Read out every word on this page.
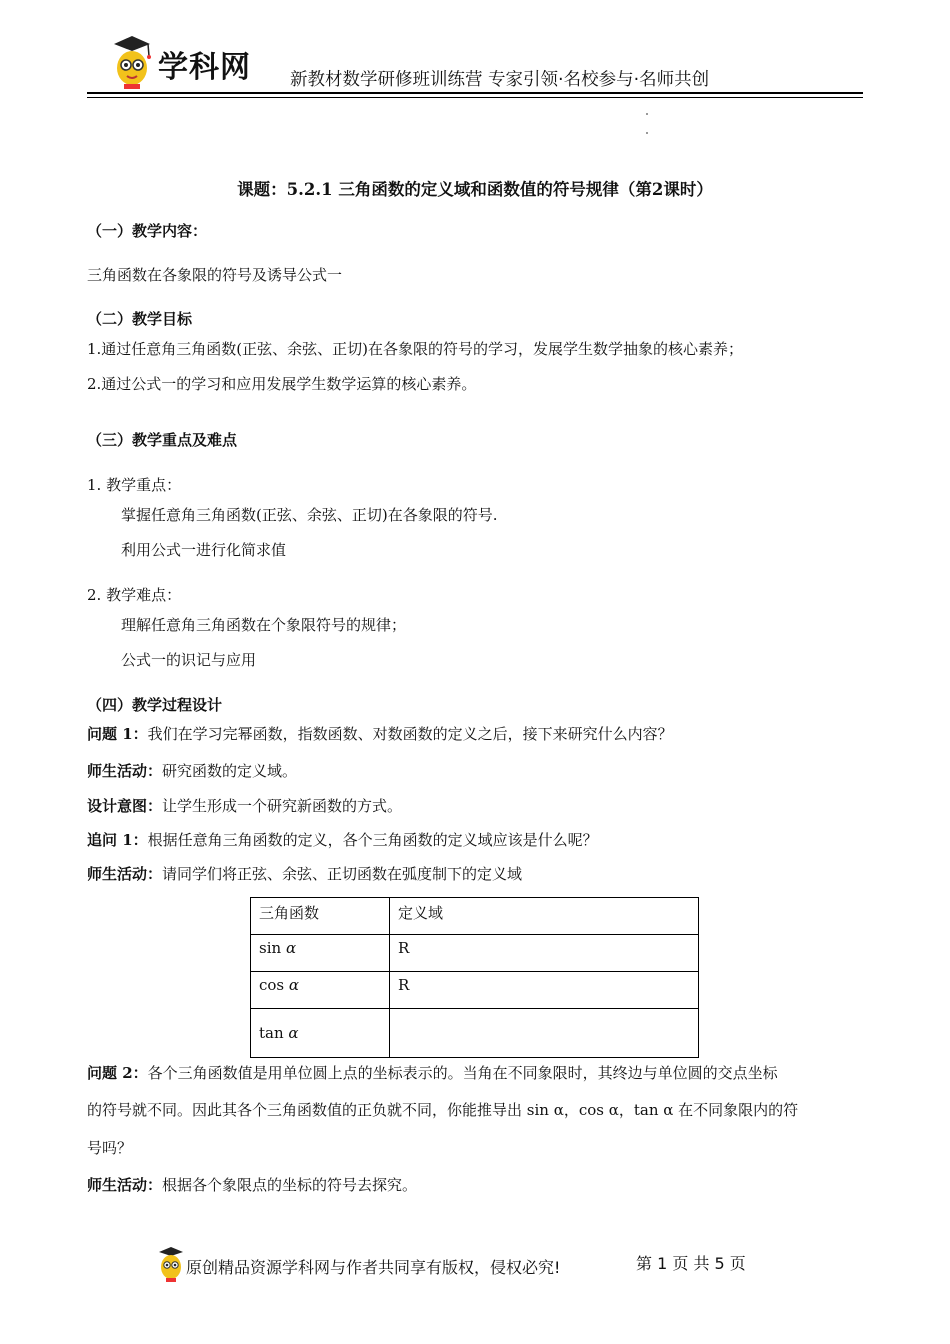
学科网 新教材数学研修班训练营 专家引领·名校参与·名师共创
课题：5.2.1 三角函数的定义域和函数值的符号规律（第2课时）
（一）教学内容：
三角函数在各象限的符号及诱导公式一
（二）教学目标
1.通过任意角三角函数(正弦、余弦、正切)在各象限的符号的学习，发展学生数学抽象的核心素养；
2.通过公式一的学习和应用发展学生数学运算的核心素养。
（三）教学重点及难点
1. 教学重点：
掌握任意角三角函数(正弦、余弦、正切)在各象限的符号.
利用公式一进行化简求值
2. 教学难点：
理解任意角三角函数在个象限符号的规律；
公式一的识记与应用
（四）教学过程设计
问题 1：我们在学习完幂函数，指数函数、对数函数的定义之后，接下来研究什么内容？
师生活动：研究函数的定义域。
设计意图：让学生形成一个研究新函数的方式。
追问 1：根据任意角三角函数的定义，各个三角函数的定义域应该是什么呢？
师生活动：请同学们将正弦、余弦、正切函数在弧度制下的定义域
三角函数	定义域
sin α	R
cos α	R
tan α	
问题 2：各个三角函数值是用单位圆上点的坐标表示的。当角在不同象限时，其终边与单位圆的交点坐标
的符号就不同。因此其各个三角函数值的正负就不同，你能推导出 sin α，cos α，tan α 在不同象限内的符
号吗？
师生活动：根据各个象限点的坐标的符号去探究。
原创精品资源学科网与作者共同享有版权，侵权必究!	第 1 页 共 5 页
